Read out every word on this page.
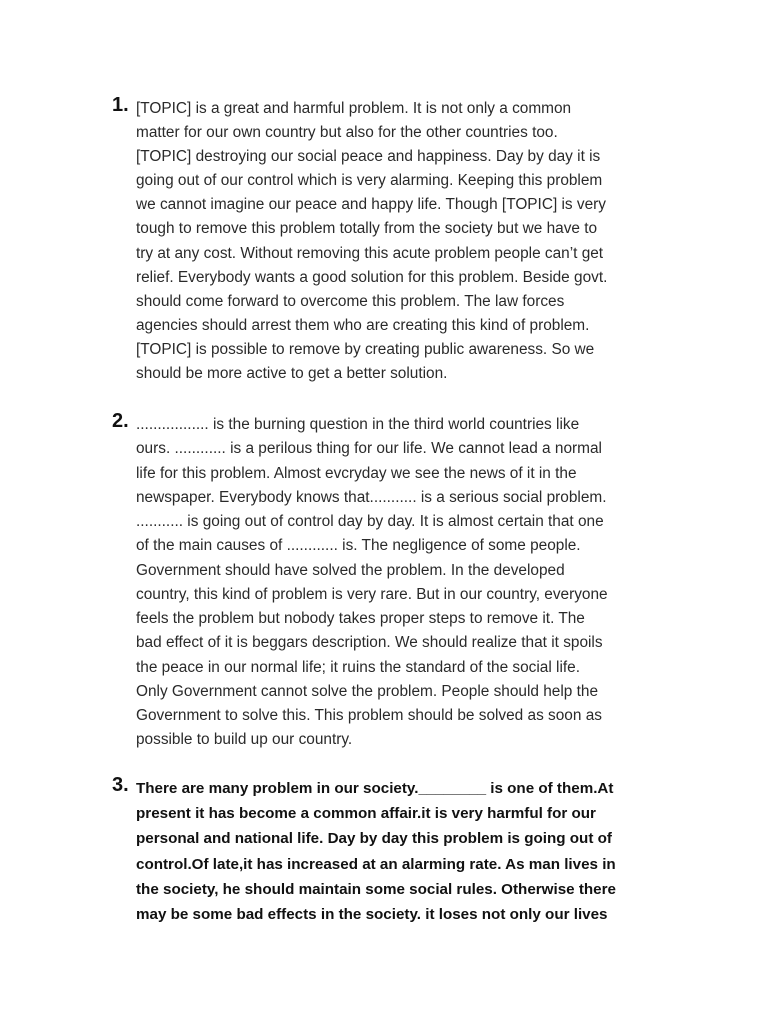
1. [TOPIC] is a great and harmful problem. It is not only a common
matter for our own country but also for the other countries too.
[TOPIC] destroying our social peace and happiness. Day by day it is
going out of our control which is very alarming. Keeping this problem
we cannot imagine our peace and happy life. Though [TOPIC] is very
tough to remove this problem totally from the society but we have to
try at any cost. Without removing this acute problem people can’t get
relief. Everybody wants a good solution for this problem. Beside govt.
should come forward to overcome this problem. The law forces
agencies should arrest them who are creating this kind of problem.
[TOPIC] is possible to remove by creating public awareness. So we
should be more active to get a better solution.

2. ................. is the burning question in the third world countries like
ours. ............ is a perilous thing for our life. We cannot lead a normal
life for this problem. Almost evcryday we see the news of it in the
newspaper. Everybody knows that........... is a serious social problem.
........... is going out of control day by day. It is almost certain that one
of the main causes of ............ is. The negligence of some people.
Government should have solved the problem. In the developed
country, this kind of problem is very rare. But in our country, everyone
feels the problem but nobody takes proper steps to remove it. The
bad effect of it is beggars description. We should realize that it spoils
the peace in our normal life; it ruins the standard of the social life.
Only Government cannot solve the problem. People should help the
Government to solve this. This problem should be solved as soon as
possible to build up our country.

3. There are many problem in our society.________ is one of them.At
present it has become a common affair.it is very harmful for our
personal and national life. Day by day this problem is going out of
control.Of late,it has increased at an alarming rate. As man lives in
the society, he should maintain some social rules. Otherwise there
may be some bad effects in the society. it loses not only our lives
